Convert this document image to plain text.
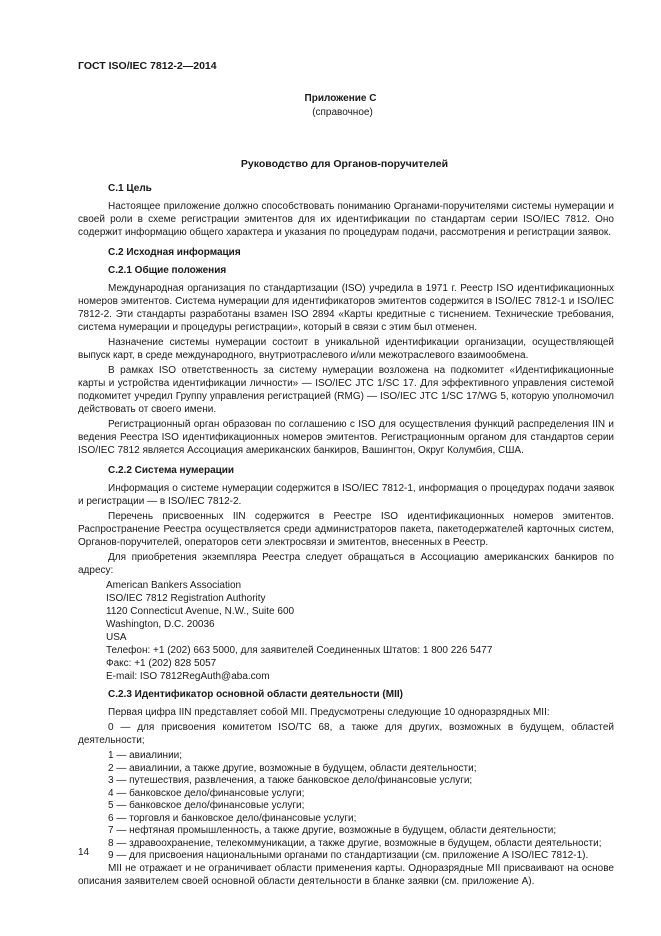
ГОСТ ISO/IEC 7812-2—2014
Приложение С
(справочное)
Руководство для Органов-поручителей
С.1 Цель

Настоящее приложение должно способствовать пониманию Органами-поручителями системы нумерации и своей роли в схеме регистрации эмитентов для их идентификации по стандартам серии ISO/IEC 7812. Оно содержит информацию общего характера и указания по процедурам подачи, рассмотрения и регистрации заявок.

С.2 Исходная информация
С.2.1 Общие положения

Международная организация по стандартизации (ISO) учредила в 1971 г. Реестр ISO идентификационных номеров эмитентов. Система нумерации для идентификаторов эмитентов содержится в ISO/IEC 7812-1 и ISO/IEC 7812-2. Эти стандарты разработаны взамен ISO 2894 «Карты кредитные с тиснением. Технические требования, система нумерации и процедуры регистрации», который в связи с этим был отменен.

Назначение системы нумерации состоит в уникальной идентификации организации, осуществляющей выпуск карт, в среде международного, внутриотраслевого и/или межотраслевого взаимообмена.

В рамках ISO ответственность за систему нумерации возложена на подкомитет «Идентификационные карты и устройства идентификации личности» — ISO/IEC JTC 1/SC 17. Для эффективного управления системой подкомитет учредил Группу управления регистрацией (RMG) — ISO/IEC JTC 1/SC 17/WG 5, которую уполномочил действовать от своего имени.

Регистрационный орган образован по соглашению с ISO для осуществления функций распределения IIN и ведения Реестра ISO идентификационных номеров эмитентов. Регистрационным органом для стандартов серии ISO/IEC 7812 является Ассоциация американских банкиров, Вашингтон, Округ Колумбия, США.

С.2.2 Система нумерации

Информация о системе нумерации содержится в ISO/IEC 7812-1, информация о процедурах подачи заявок и регистрации — в ISO/IEC 7812-2.

Перечень присвоенных IIN содержится в Реестре ISO идентификационных номеров эмитентов. Распространение Реестра осуществляется среди администраторов пакета, пакетодержателей карточных систем, Органов-поручителей, операторов сети электросвязи и эмитентов, внесенных в Реестр.

Для приобретения экземпляра Реестра следует обращаться в Ассоциацию американских банкиров по адресу:

American Bankers Association
ISO/IEC 7812 Registration Authority
1120 Connecticut Avenue, N.W., Suite 600
Washington, D.C. 20036
USA
Телефон: +1 (202) 663 5000, для заявителей Соединенных Штатов: 1 800 226 5477
Факс: +1 (202) 828 5057
E-mail: ISO 7812RegAuth@aba.com
С.2.3 Идентификатор основной области деятельности (MII)

Первая цифра IIN представляет собой MII. Предусмотрены следующие 10 одноразрядных MII:

0 — для присвоения комитетом ISO/TC 68, а также для других, возможных в будущем, областей деятельности;

1 — авиалинии;
2 — авиалинии, а также другие, возможные в будущем, области деятельности;
3 — путешествия, развлечения, а также банковское дело/финансовые услуги;
4 — банковское дело/финансовые услуги;
5 — банковское дело/финансовые услуги;
6 — торговля и банковское дело/финансовые услуги;
7 — нефтяная промышленность, а также другие, возможные в будущем, области деятельности;
8 — здравоохранение, телекоммуникации, а также другие, возможные в будущем, области деятельности;
9 — для присвоения национальными органами по стандартизации (см. приложение А ISO/IEC 7812-1).

MII не отражает и не ограничивает области применения карты. Одноразрядные MII присваивают на основе описания заявителем своей основной области деятельности в бланке заявки (см. приложение А).

14
